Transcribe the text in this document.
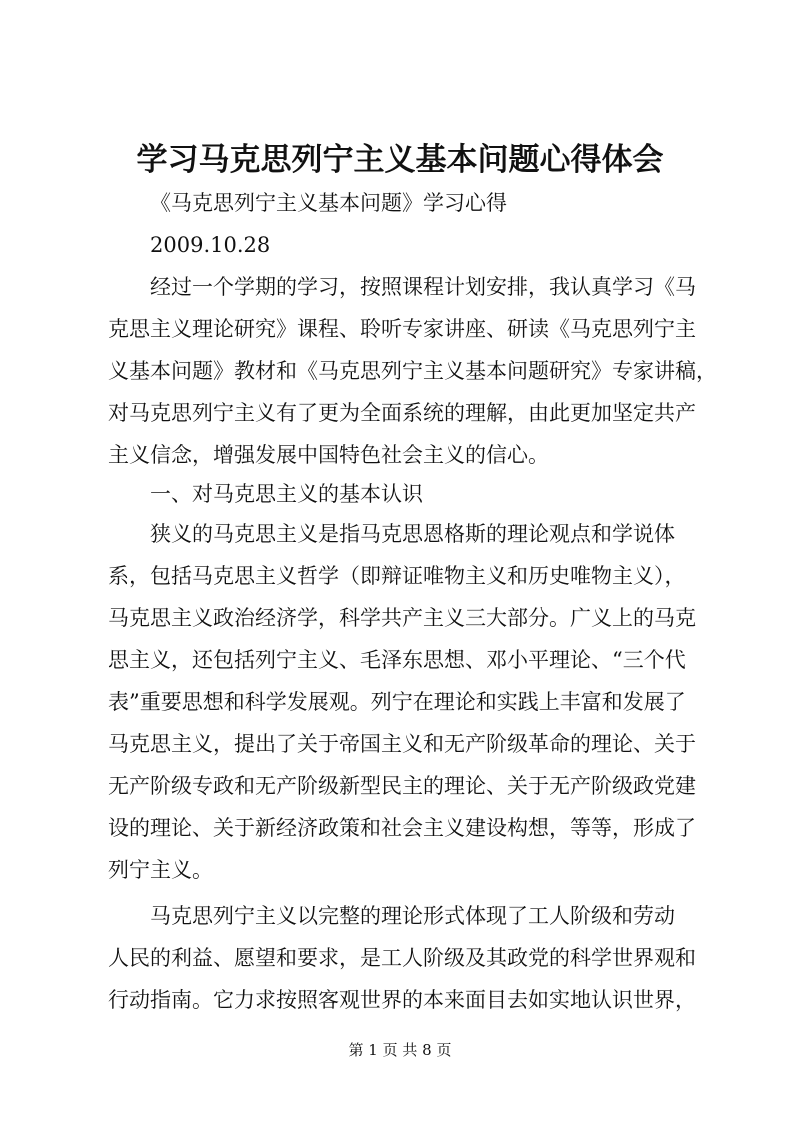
学习马克思列宁主义基本问题心得体会
《马克思列宁主义基本问题》学习心得
2009.10.28
经过一个学期的学习，按照课程计划安排，我认真学习《马
克思主义理论研究》课程、聆听专家讲座、研读《马克思列宁主
义基本问题》教材和《马克思列宁主义基本问题研究》专家讲稿，
对马克思列宁主义有了更为全面系统的理解，由此更加坚定共产
主义信念，增强发展中国特色社会主义的信心。
一、对马克思主义的基本认识
狭义的马克思主义是指马克思恩格斯的理论观点和学说体
系，包括马克思主义哲学（即辩证唯物主义和历史唯物主义），
马克思主义政治经济学，科学共产主义三大部分。广义上的马克
思主义，还包括列宁主义、毛泽东思想、邓小平理论、“三个代
表”重要思想和科学发展观。列宁在理论和实践上丰富和发展了
马克思主义，提出了关于帝国主义和无产阶级革命的理论、关于
无产阶级专政和无产阶级新型民主的理论、关于无产阶级政党建
设的理论、关于新经济政策和社会主义建设构想，等等，形成了
列宁主义。
马克思列宁主义以完整的理论形式体现了工人阶级和劳动
人民的利益、愿望和要求，是工人阶级及其政党的科学世界观和
行动指南。它力求按照客观世界的本来面目去如实地认识世界，
第 1 页 共 8 页
